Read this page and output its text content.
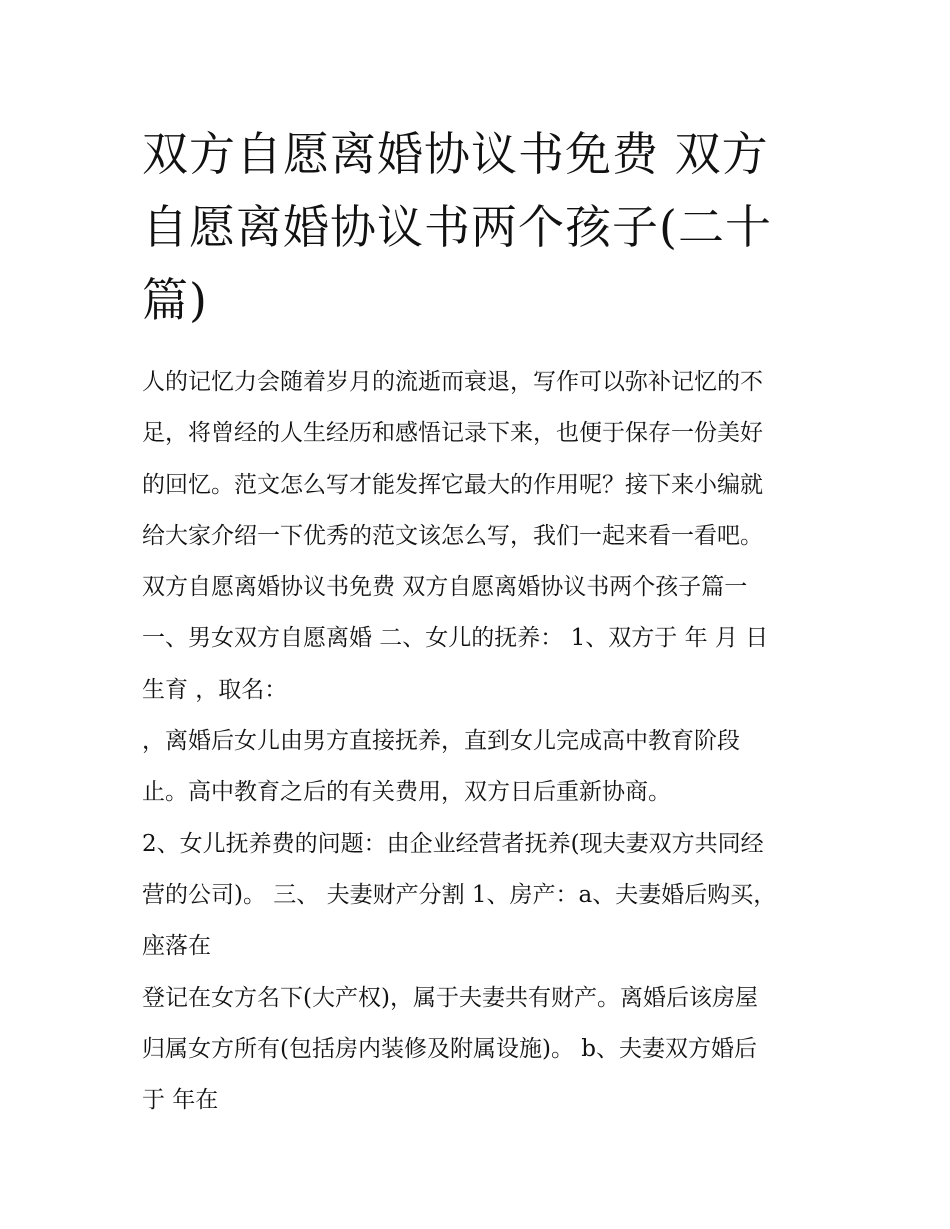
双方自愿离婚协议书免费 双方
自愿离婚协议书两个孩子(二十
篇)
人的记忆力会随着岁月的流逝而衰退，写作可以弥补记忆的不
足，将曾经的人生经历和感悟记录下来，也便于保存一份美好
的回忆。范文怎么写才能发挥它最大的作用呢？接下来小编就
给大家介绍一下优秀的范文该怎么写，我们一起来看一看吧。
双方自愿离婚协议书免费 双方自愿离婚协议书两个孩子篇一
一、男女双方自愿离婚 二、女儿的抚养： 1、双方于 年 月 日
生育 ，取名：
，离婚后女儿由男方直接抚养，直到女儿完成高中教育阶段
止。高中教育之后的有关费用，双方日后重新协商。
2、女儿抚养费的问题：由企业经营者抚养(现夫妻双方共同经
营的公司)。 三、 夫妻财产分割 1、房产：a、夫妻婚后购买，
座落在
登记在女方名下(大产权)，属于夫妻共有财产。离婚后该房屋
归属女方所有(包括房内装修及附属设施)。 b、夫妻双方婚后
于 年在
